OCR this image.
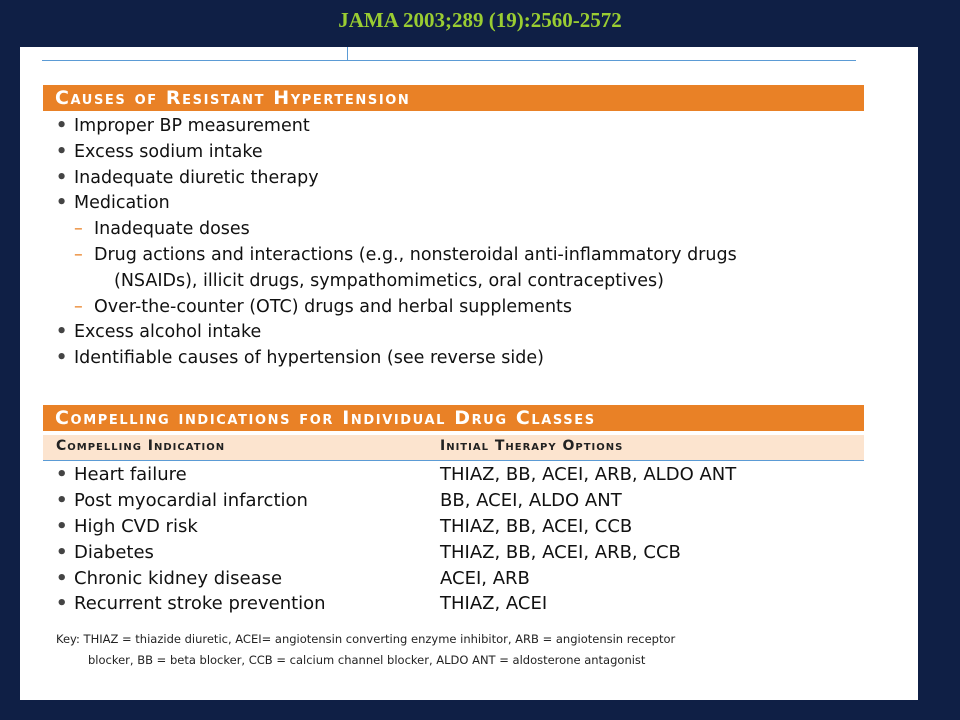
JAMA 2003;289 (19):2560-2572
Causes of Resistant Hypertension
• Improper BP measurement
• Excess sodium intake
• Inadequate diuretic therapy
• Medication
– Inadequate doses
– Drug actions and interactions (e.g., nonsteroidal anti-inflammatory drugs
(NSAIDs), illicit drugs, sympathomimetics, oral contraceptives)
– Over-the-counter (OTC) drugs and herbal supplements
• Excess alcohol intake
• Identifiable causes of hypertension (see reverse side)
Compelling indications for Individual Drug Classes
Compelling Indication	Initial Therapy Options
• Heart failure	THIAZ, BB, ACEI, ARB, ALDO ANT
• Post myocardial infarction	BB, ACEI, ALDO ANT
• High CVD risk	THIAZ, BB, ACEI, CCB
• Diabetes	THIAZ, BB, ACEI, ARB, CCB
• Chronic kidney disease	ACEI, ARB
• Recurrent stroke prevention	THIAZ, ACEI
Key: THIAZ = thiazide diuretic, ACEI= angiotensin converting enzyme inhibitor, ARB = angiotensin receptor
blocker, BB = beta blocker, CCB = calcium channel blocker, ALDO ANT = aldosterone antagonist
